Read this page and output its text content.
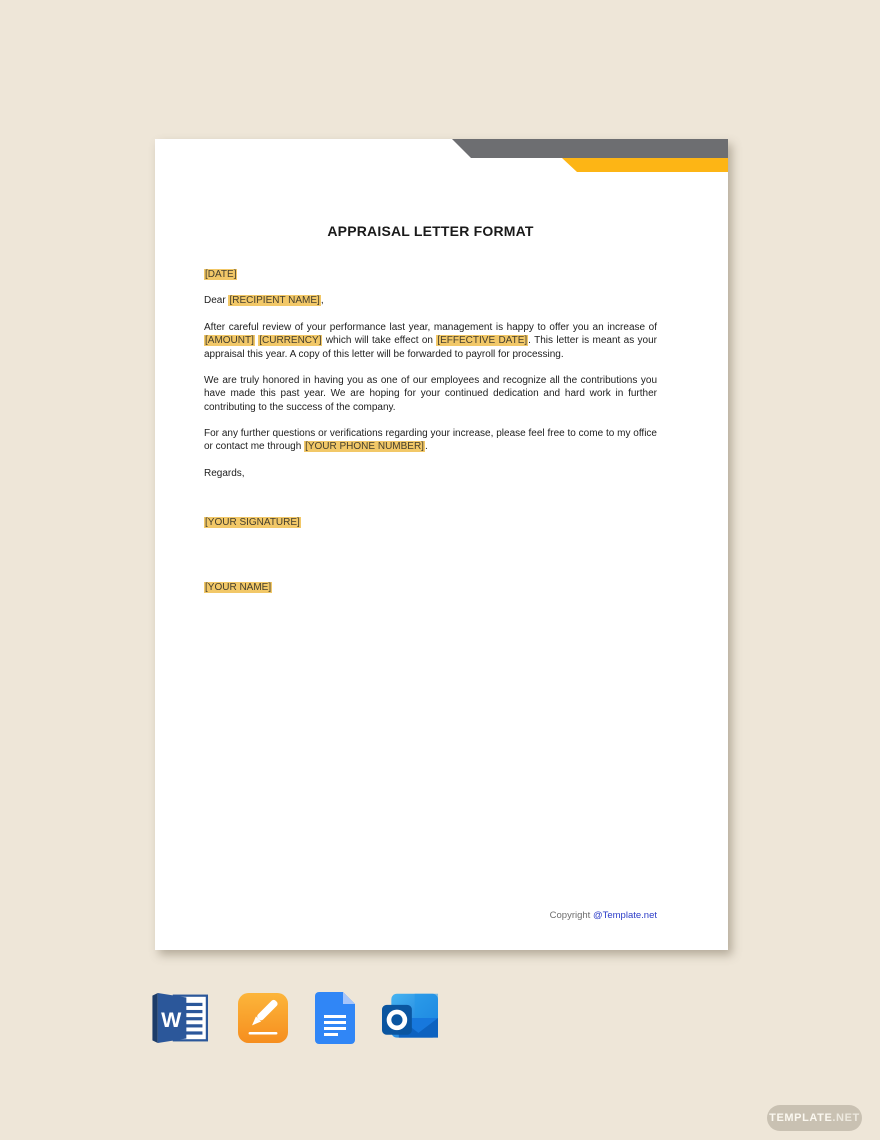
APPRAISAL LETTER FORMAT
[DATE]
Dear [RECIPIENT NAME],

After careful review of your performance last year, management is happy to offer you an increase of [AMOUNT] [CURRENCY] which will take effect on [EFFECTIVE DATE]. This letter is meant as your appraisal this year. A copy of this letter will be forwarded to payroll for processing.

We are truly honored in having you as one of our employees and recognize all the contributions you have made this past year. We are hoping for your continued dedication and hard work in further contributing to the success of the company.

For any further questions or verifications regarding your increase, please feel free to come to my office or contact me through [YOUR PHONE NUMBER].

Regards,
[YOUR SIGNATURE]
[YOUR NAME]
Copyright @Template.net
W
TEMPLATE .NET
